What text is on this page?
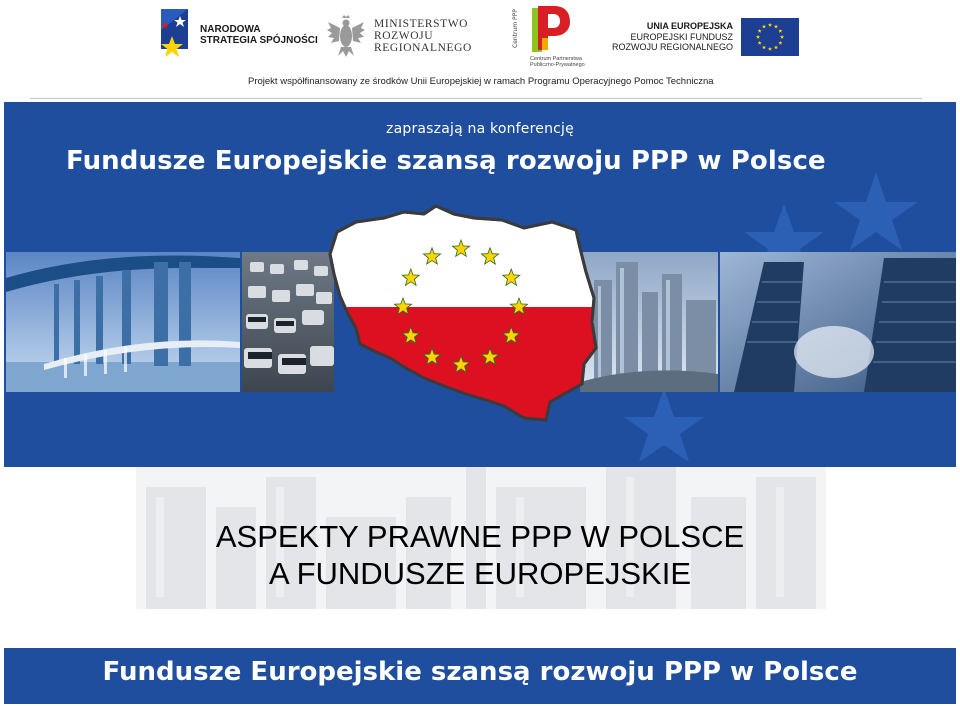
NARODOWA
STRATEGIA SPÓJNOŚCI
MINISTERSTWO
ROZWOJU
REGIONALNEGO	Centrum PPP
Centrum Partnerstwa
Publiczno-Prywatnego
UNIA EUROPEJSKA
EUROPEJSKI FUNDUSZ
ROZWOJU REGIONALNEGO
Projekt współfinansowany ze środków Unii Europejskiej w ramach Programu Operacyjnego Pomoc Techniczna
zapraszają na konferencję
Fundusze Europejskie szansą rozwoju PPP w Polsce
ASPEKTY PRAWNE PPP W POLSCE
A FUNDUSZE EUROPEJSKIE
Fundusze Europejskie szansą rozwoju PPP w Polsce
